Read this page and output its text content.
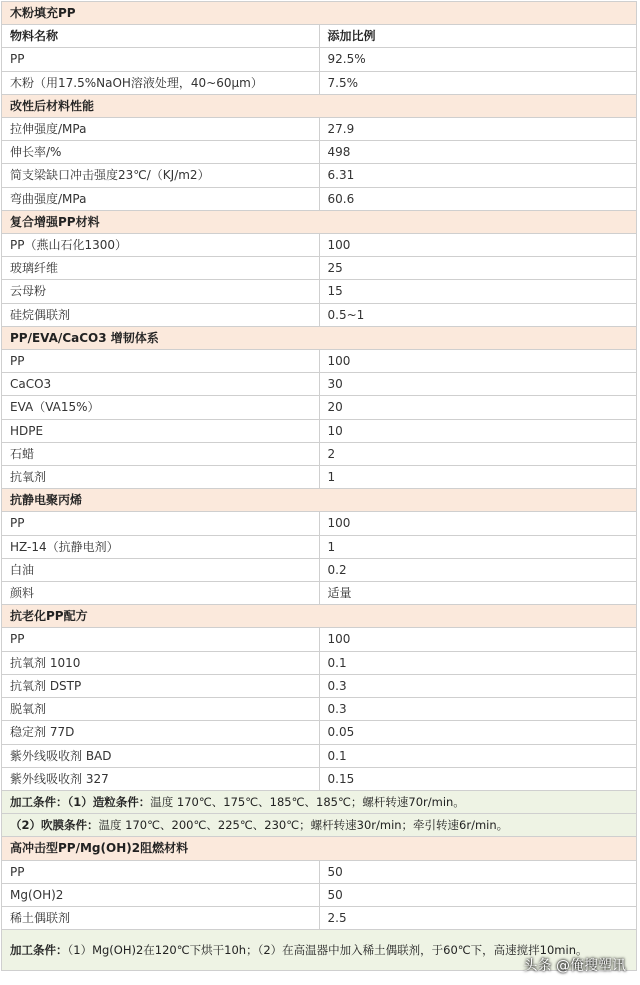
木粉填充PP	
物料名称	添加比例
PP	92.5%
木粉（用17.5%NaOH溶液处理，40~60μm）	7.5%
改性后材料性能	
拉伸强度/MPa	27.9
伸长率/%	498
简支梁缺口冲击强度23℃/（KJ/m2）	6.31
弯曲强度/MPa	60.6
复合增强PP材料	
PP（燕山石化1300）	100
玻璃纤维	25
云母粉	15
硅烷偶联剂	0.5~1
PP/EVA/CaCO3 增韧体系	
PP	100
CaCO3	30
EVA（VA15%）	20
HDPE	10
石蜡	2
抗氧剂	1
抗静电聚丙烯	
PP	100
HZ-14（抗静电剂）	1
白油	0.2
颜料	适量
抗老化PP配方	
PP	100
抗氧剂 1010	0.1
抗氧剂 DSTP	0.3
脱氧剂	0.3
稳定剂 77D	0.05
紫外线吸收剂 BAD	0.1
紫外线吸收剂 327	0.15
加工条件：（1）造粒条件：温度 170℃、175℃、185℃、185℃；螺杆转速70r/min。	
（2）吹膜条件：温度 170℃、200℃、225℃、230℃；螺杆转速30r/min；牵引转速6r/min。	
高冲击型PP/Mg(OH)2阻燃材料	
PP	50
Mg(OH)2	50
稀土偶联剂	2.5
加工条件：（1）Mg(OH)2在120℃下烘干10h；（2）在高温器中加入稀土偶联剂，于60℃下，高速搅拌10min。	
头条 @俺搜塑讯
